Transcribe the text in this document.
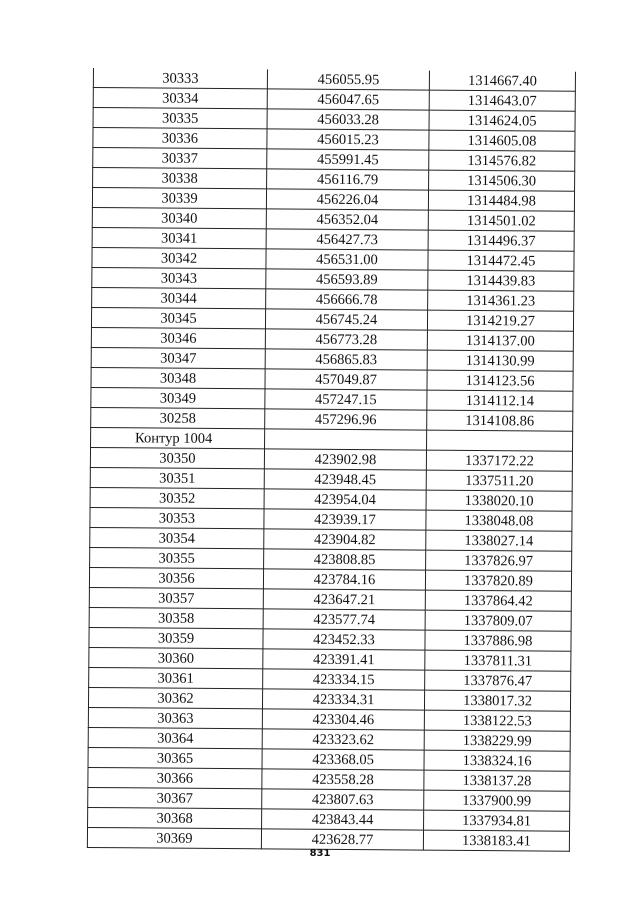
30333	456055.95	1314667.40
30334	456047.65	1314643.07
30335	456033.28	1314624.05
30336	456015.23	1314605.08
30337	455991.45	1314576.82
30338	456116.79	1314506.30
30339	456226.04	1314484.98
30340	456352.04	1314501.02
30341	456427.73	1314496.37
30342	456531.00	1314472.45
30343	456593.89	1314439.83
30344	456666.78	1314361.23
30345	456745.24	1314219.27
30346	456773.28	1314137.00
30347	456865.83	1314130.99
30348	457049.87	1314123.56
30349	457247.15	1314112.14
30258	457296.96	1314108.86
Контур 1004		
30350	423902.98	1337172.22
30351	423948.45	1337511.20
30352	423954.04	1338020.10
30353	423939.17	1338048.08
30354	423904.82	1338027.14
30355	423808.85	1337826.97
30356	423784.16	1337820.89
30357	423647.21	1337864.42
30358	423577.74	1337809.07
30359	423452.33	1337886.98
30360	423391.41	1337811.31
30361	423334.15	1337876.47
30362	423334.31	1338017.32
30363	423304.46	1338122.53
30364	423323.62	1338229.99
30365	423368.05	1338324.16
30366	423558.28	1338137.28
30367	423807.63	1337900.99
30368	423843.44	1337934.81
30369	423628.77	1338183.41
831
